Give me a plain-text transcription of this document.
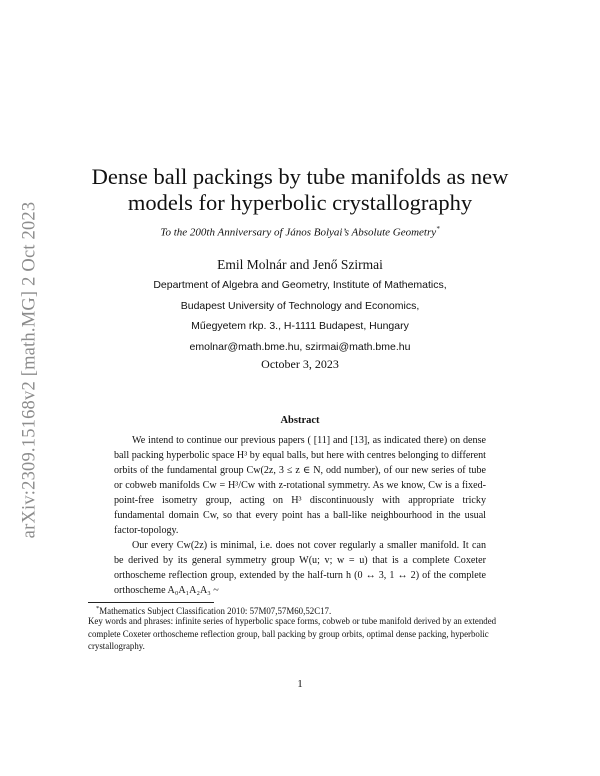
arXiv:2309.15168v2 [math.MG] 2 Oct 2023
Dense ball packings by tube manifolds as new
models for hyperbolic crystallography
To the 200th Anniversary of János Bolyai’s Absolute Geometry*
Emil Molnár and Jenő Szirmai
Department of Algebra and Geometry, Institute of Mathematics,
Budapest University of Technology and Economics,
Műegyetem rkp. 3., H-1111 Budapest, Hungary
emolnar@math.bme.hu, szirmai@math.bme.hu
October 3, 2023
Abstract

We intend to continue our previous papers ( [11] and [13], as indicated there) on dense ball packing hyperbolic space H³ by equal balls, but here with centres belonging to different orbits of the fundamental group Cw(2z, 3 ≤ z ∈ N, odd number), of our new series of tube or cobweb manifolds Cw = H³/Cw with z-rotational symmetry. As we know, Cw is a fixed-point-free isometry group, acting on H³ discontinuously with appropriate tricky fundamental domain Cw, so that every point has a ball-like neighbourhood in the usual factor-topology.

Our every Cw(2z) is minimal, i.e. does not cover regularly a smaller manifold. It can be derived by its general symmetry group W(u; v; w = u) that is a complete Coxeter orthoscheme reflection group, extended by the half-turn h (0 ↔ 3, 1 ↔ 2) of the complete orthoscheme A₀A₁A₂A₃ ~

*Mathematics Subject Classification 2010: 57M07,57M60,52C17.
Key words and phrases: infinite series of hyperbolic space forms, cobweb or tube manifold derived by an extended complete Coxeter orthoscheme reflection group, ball packing by group orbits, optimal dense packing, hyperbolic crystallography.
1
